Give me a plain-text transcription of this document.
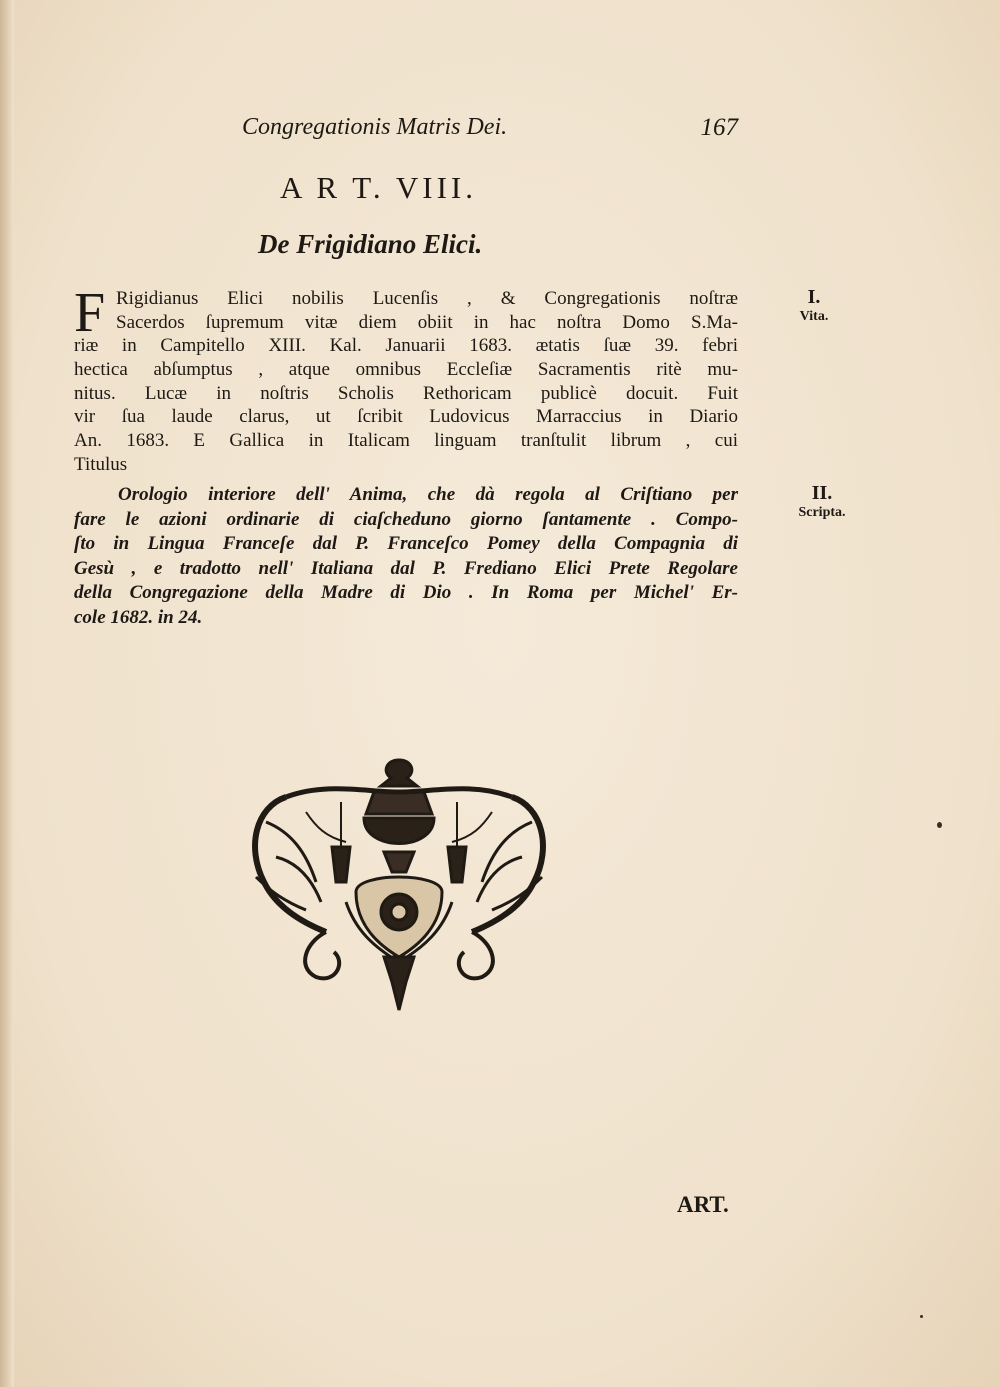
Congregationis Matris Dei.	167
A R T. VIII.
De Frigidiano Elici.
F Rigidianus Elici nobilis Lucenſis , & Congregationis noſtræ
Sacerdos ſupremum vitæ diem obiit in hac noſtra Domo S.Ma-
riæ in Campitello XIII. Kal. Januarii 1683. ætatis ſuæ 39. febri
hectica abſumptus , atque omnibus Eccleſiæ Sacramentis ritè mu-
nitus. Lucæ in noſtris Scholis Rethoricam publicè docuit. Fuit
vir ſua laude clarus, ut ſcribit Ludovicus Marraccius in Diario
An. 1683. E Gallica in Italicam linguam tranſtulit librum , cui
Titulus
Orologio interiore dell' Anima, che dà regola al Criſtiano per
fare le azioni ordinarie di ciaſcheduno giorno ſantamente . Compo-
ſto in Lingua Franceſe dal P. Franceſco Pomey della Compagnia di
Gesù , e tradotto nell' Italiana dal P. Frediano Elici Prete Regolare
della Congregazione della Madre di Dio . In Roma per Michel' Er-
cole 1682. in 24.
I.
Vita.
II.
Scripta.
ART.
